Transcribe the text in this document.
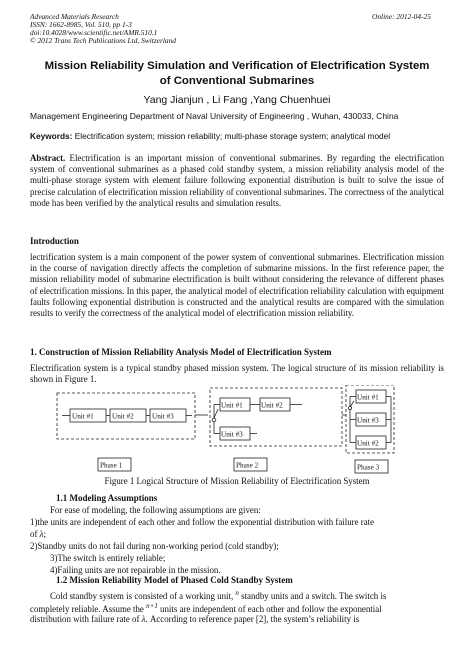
Advanced Materials Research
ISSN: 1662-8985, Vol. 510, pp 1-3
doi:10.4028/www.scientific.net/AMR.510.1
© 2012 Trans Tech Publications Ltd, Switzerland
Online: 2012-04-25
Mission Reliability Simulation and Verification of Electrification System
of Conventional Submarines
Yang Jianjun , Li Fang ,Yang Chuenhuei
Management Engineering Department of Naval University of Engineering , Wuhan, 430033, China
Keywords: Electrification system; mission reliability; multi-phase storage system; analytical model
Abstract. Electrification is an important mission of conventional submarines. By regarding the electrification system of conventional submarines as a phased cold standby system, a mission reliability analysis model of the multi-phase storage system with element failure following exponential distribution is built to solve the issue of precise calculation of electrification mission reliability of conventional submarines. The correctness of the analytical mode has been verified by the analytical results and simulation results.
Introduction
lectrification system is a main component of the power system of conventional submarines. Electrification mission in the course of navigation directly affects the completion of submarine missions. In the first reference paper, the mission reliability model of submarine electrification is built without considering the relevance of different phases of electrification missions. In this paper, the analytical model of electrification reliability calculation with equipment faults following exponential distribution is constructed and the analytical results are compared with the simulation results to verify the correctness of the analytical model of electrification mission reliability.
1. Construction of Mission Reliability Analysis Model of Electrification System
Electrification system is a typical standby phased mission system. The logical structure of its mission reliability is shown in Figure 1.
Unit #1	Unit #2	Unit #3
Unit #1	Unit #2
Unit #3
Unit #1
Unit #3
Unit #2
Phase 1	Phase 2	Phase 3
Figure 1 Logical Structure of Mission Reliability of Electrification System
1.1 Modeling Assumptions
For ease of modeling, the following assumptions are given:
1)the units are independent of each other and follow the exponential distribution with failure rate
of λ;
2)Standby units do not fail during non-working period (cold standby);
3)The switch is entirely reliable;
4)Failing units are not repairable in the mission.
1.2 Mission Reliability Model of Phased Cold Standby System
Cold standby system is consisted of a working unit, $^n$ standby units and a switch. The switch is
completely reliable. Assume the $^{n+1}$ units are independent of each other and follow the exponential
distribution with failure rate of λ. According to reference paper [2], the system’s reliability is
